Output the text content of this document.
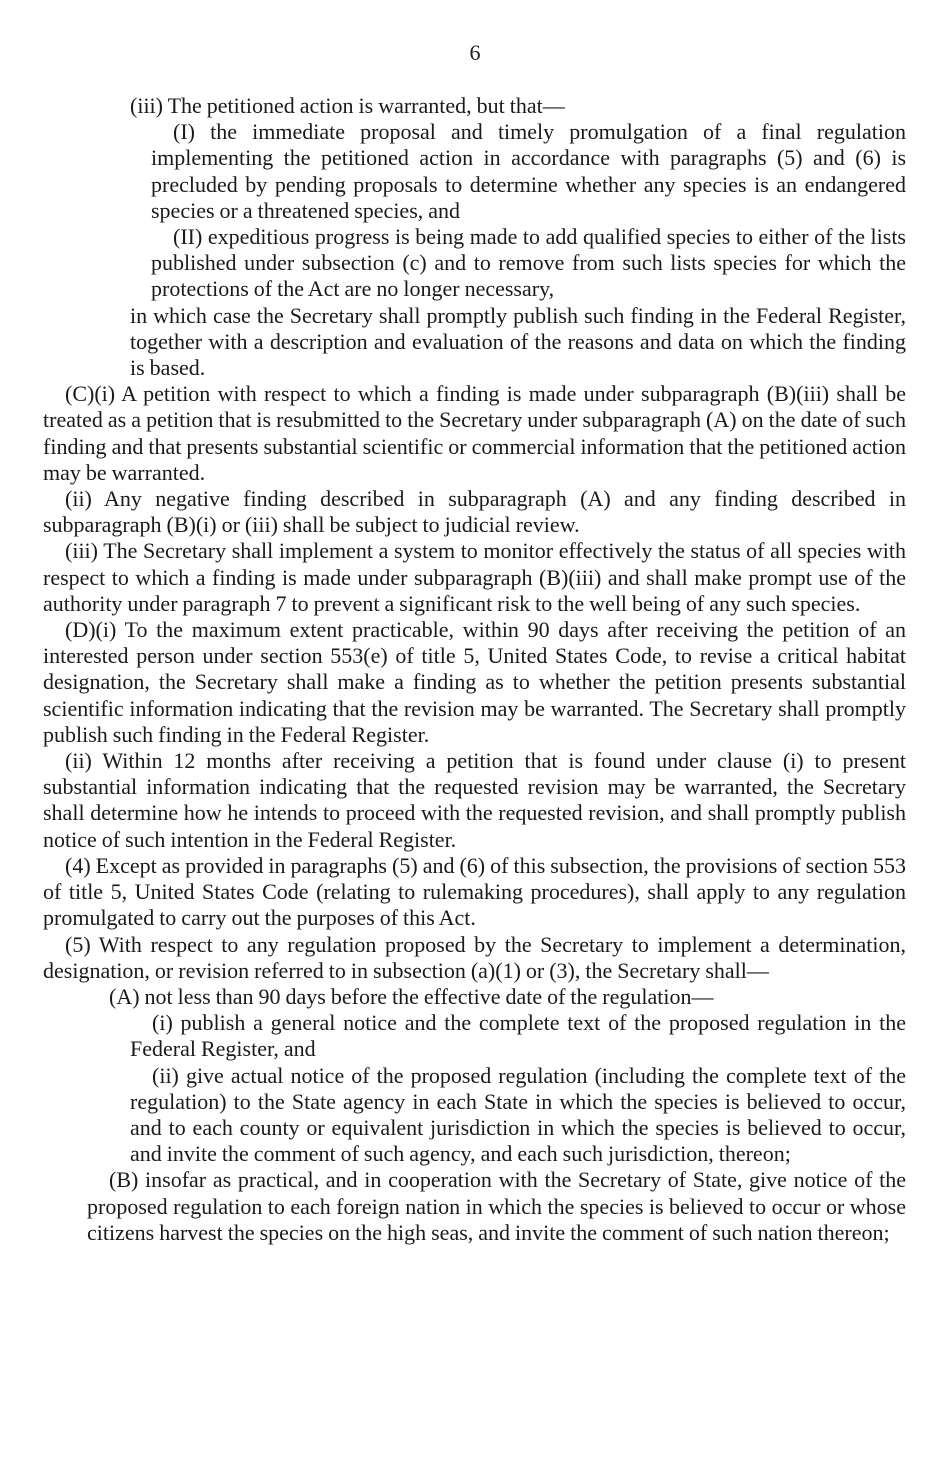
6

(iii) The petitioned action is warranted, but that—

(I) the immediate proposal and timely promulgation of a final regulation implementing the petitioned action in accordance with paragraphs (5) and (6) is precluded by pending proposals to determine whether any species is an endangered species or a threatened species, and

(II) expeditious progress is being made to add qualified species to either of the lists published under subsection (c) and to remove from such lists species for which the protections of the Act are no longer necessary,

in which case the Secretary shall promptly publish such finding in the Federal Register, together with a description and evaluation of the reasons and data on which the finding is based.

(C)(i) A petition with respect to which a finding is made under subparagraph (B)(iii) shall be treated as a petition that is resubmitted to the Secretary under subparagraph (A) on the date of such finding and that presents substantial scientific or commercial information that the petitioned action may be warranted.

(ii) Any negative finding described in subparagraph (A) and any finding described in subparagraph (B)(i) or (iii) shall be subject to judicial review.

(iii) The Secretary shall implement a system to monitor effectively the status of all species with respect to which a finding is made under subparagraph (B)(iii) and shall make prompt use of the authority under paragraph 7 to prevent a significant risk to the well being of any such species.

(D)(i) To the maximum extent practicable, within 90 days after receiving the petition of an interested person under section 553(e) of title 5, United States Code, to revise a critical habitat designation, the Secretary shall make a finding as to whether the petition presents substantial scientific information indicating that the revision may be warranted. The Secretary shall promptly publish such finding in the Federal Register.

(ii) Within 12 months after receiving a petition that is found under clause (i) to present substantial information indicating that the requested revision may be warranted, the Secretary shall determine how he intends to proceed with the requested revision, and shall promptly publish notice of such intention in the Federal Register.

(4) Except as provided in paragraphs (5) and (6) of this subsection, the provisions of section 553 of title 5, United States Code (relating to rulemaking procedures), shall apply to any regulation promulgated to carry out the purposes of this Act.

(5) With respect to any regulation proposed by the Secretary to implement a determination, designation, or revision referred to in subsection (a)(1) or (3), the Secretary shall—

(A) not less than 90 days before the effective date of the regulation—

(i) publish a general notice and the complete text of the proposed regulation in the Federal Register, and

(ii) give actual notice of the proposed regulation (including the complete text of the regulation) to the State agency in each State in which the species is believed to occur, and to each county or equivalent jurisdiction in which the species is believed to occur, and invite the comment of such agency, and each such jurisdiction, thereon;

(B) insofar as practical, and in cooperation with the Secretary of State, give notice of the proposed regulation to each foreign nation in which the species is believed to occur or whose citizens harvest the species on the high seas, and invite the comment of such nation thereon;
